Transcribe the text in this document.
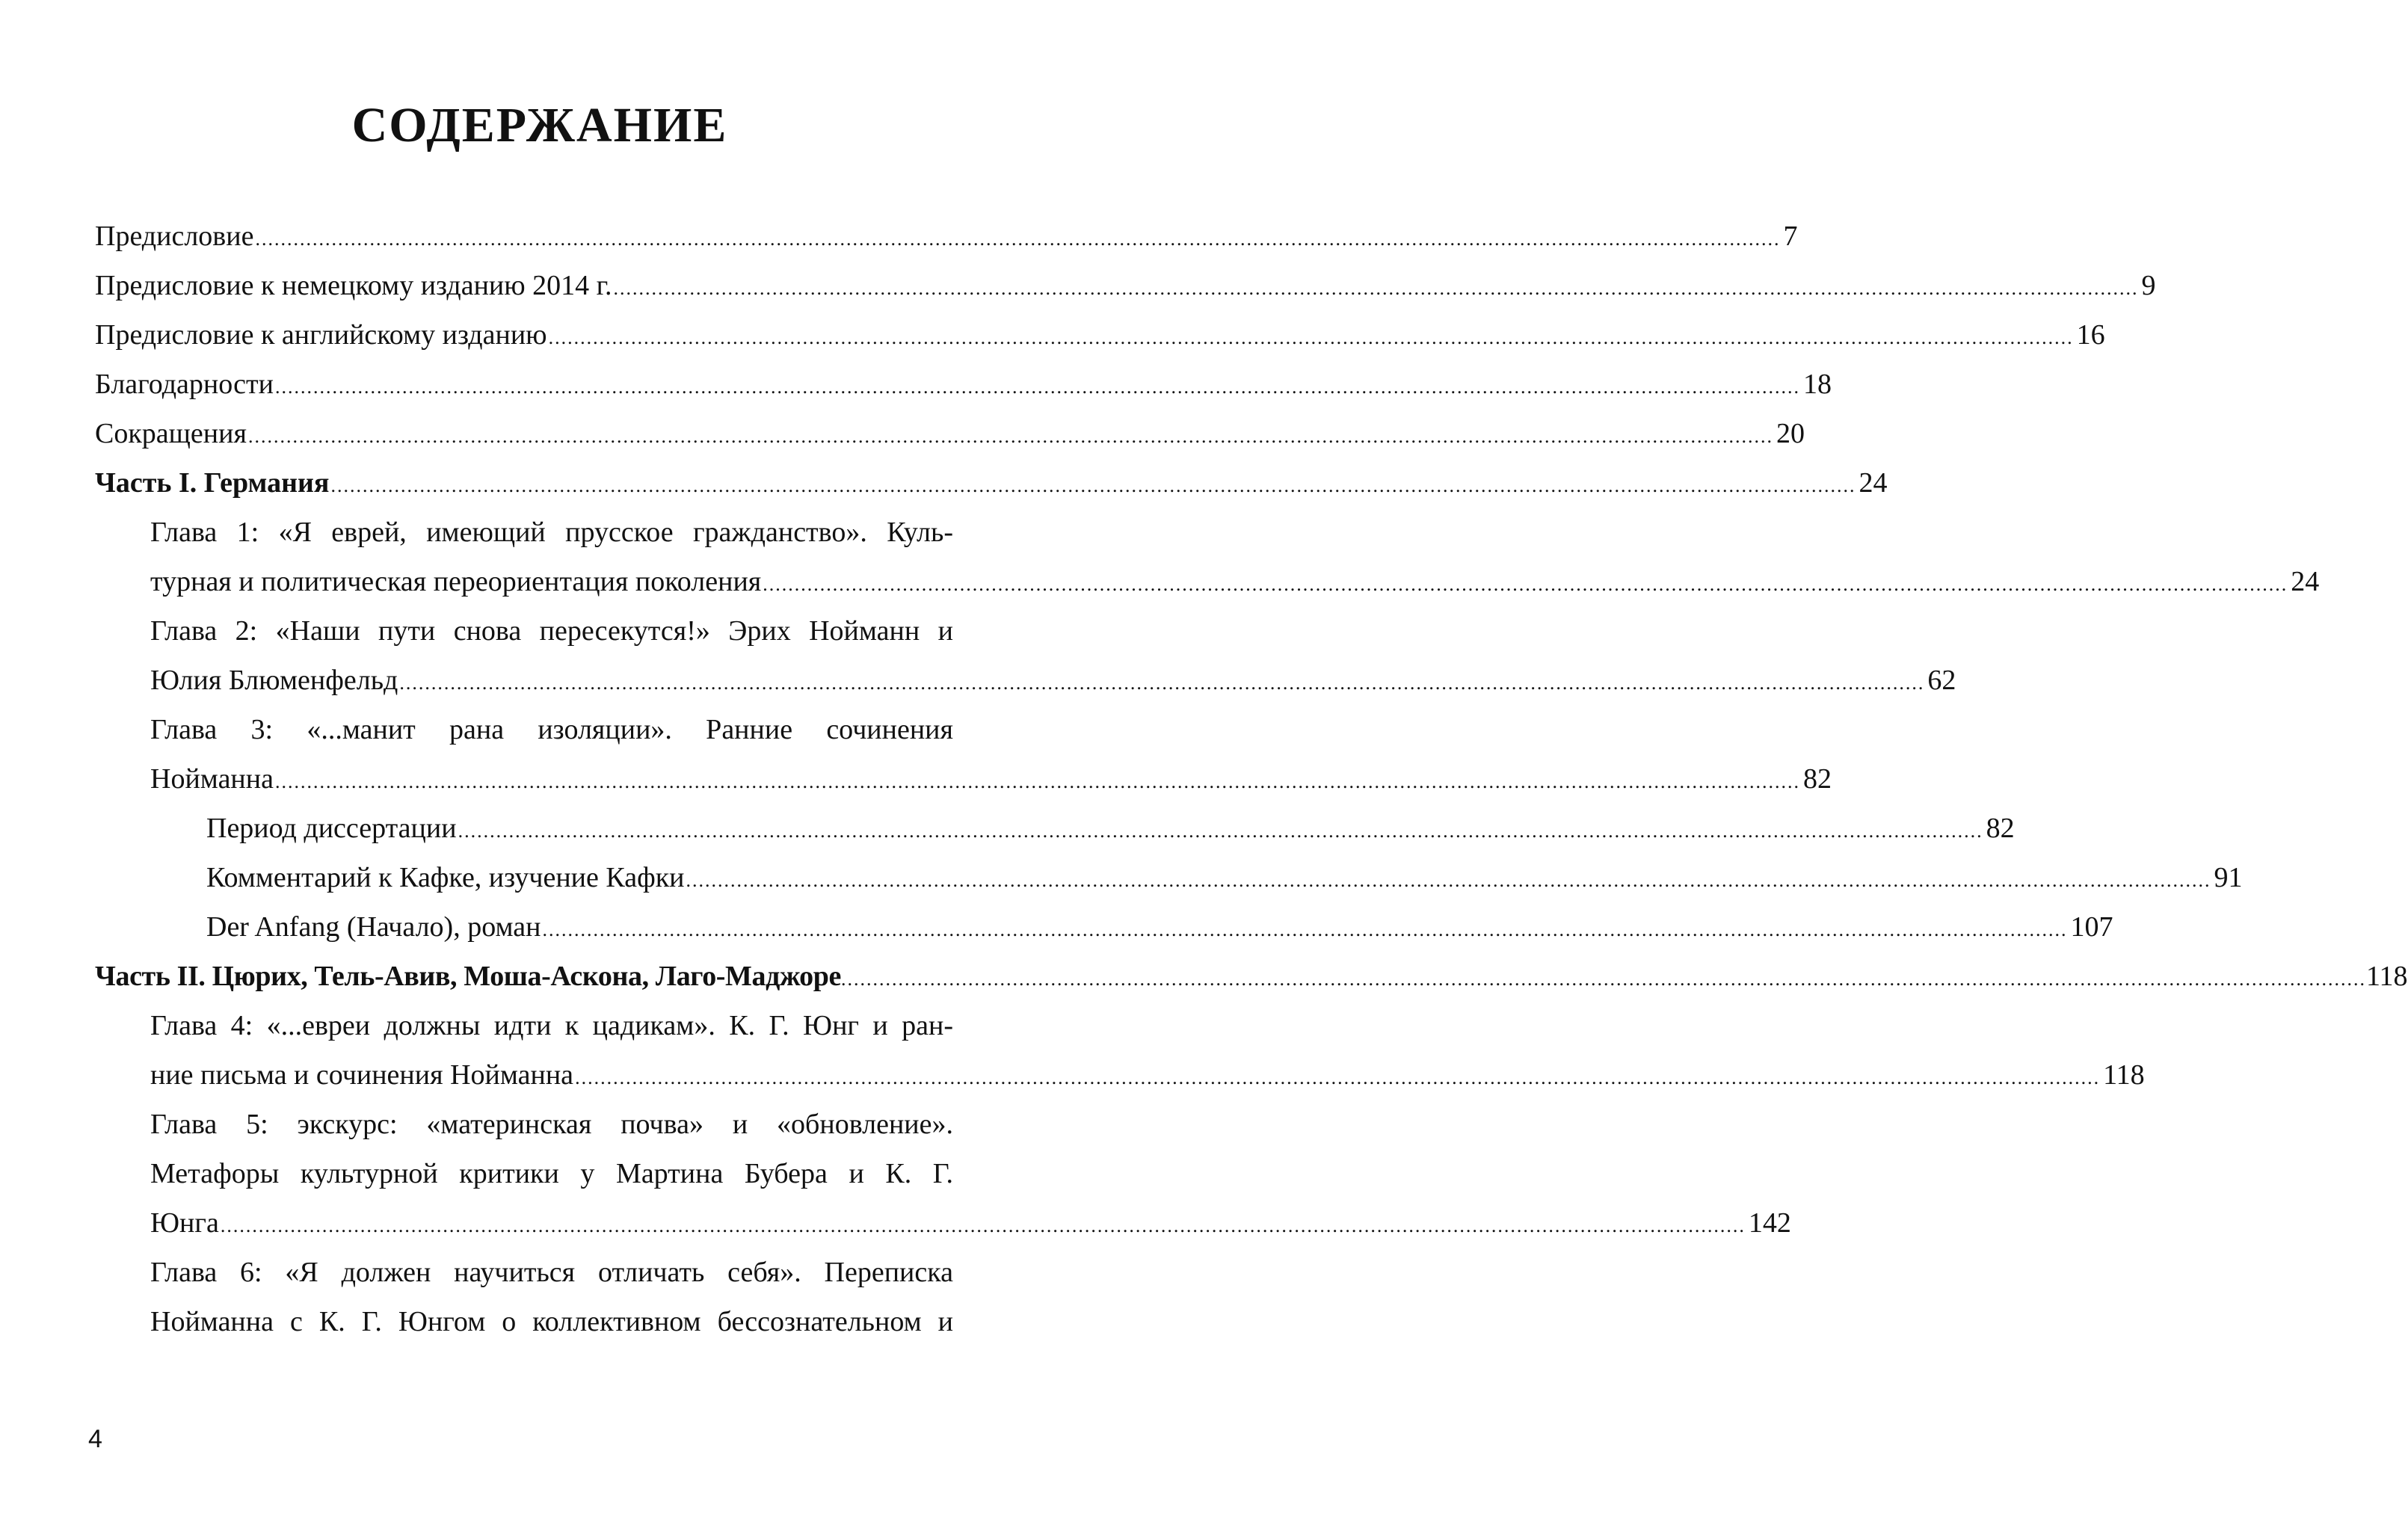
СОДЕРЖАНИЕ
Предисловие ................................................................................................................................................................................................................................................ 7
Предисловие к немецкому изданию 2014 г. ................................................................................................................................................................................................................................................ 9
Предисловие к английскому изданию ................................................................................................................................................................................................................................................ 16
Благодарности ................................................................................................................................................................................................................................................ 18
Сокращения ................................................................................................................................................................................................................................................ 20
Часть I. Германия ................................................................................................................................................................................................................................................ 24
Глава 1: «Я еврей, имеющий прусское гражданство». Куль-
турная и политическая переориентация поколения ................................................................................................................................................................................................................................................ 24
Глава 2: «Наши пути снова пересекутся!» Эрих Нойманн и
Юлия Блюменфельд ................................................................................................................................................................................................................................................ 62
Глава 3: «...манит рана изоляции». Ранние сочинения
Нойманна ................................................................................................................................................................................................................................................ 82
Период диссертации ................................................................................................................................................................................................................................................ 82
Комментарий к Кафке, изучение Кафки ................................................................................................................................................................................................................................................ 91
Der Anfang (Начало), роман ................................................................................................................................................................................................................................................ 107
Часть II. Цюрих, Тель-Авив, Моша-Аскона, Лаго-Маджоре ................................................................................................................................................................................................................................................ 118
Глава 4: «...евреи должны идти к цадикам». К. Г. Юнг и ран-
ние письма и сочинения Нойманна ................................................................................................................................................................................................................................................ 118
Глава 5: экскурс: «материнская почва» и «обновление».
Метафоры культурной критики у Мартина Бубера и К. Г.
Юнга ................................................................................................................................................................................................................................................ 142
Глава 6: «Я должен научиться отличать себя». Переписка
Нойманна с К. Г. Юнгом о коллективном бессознательном и
4
